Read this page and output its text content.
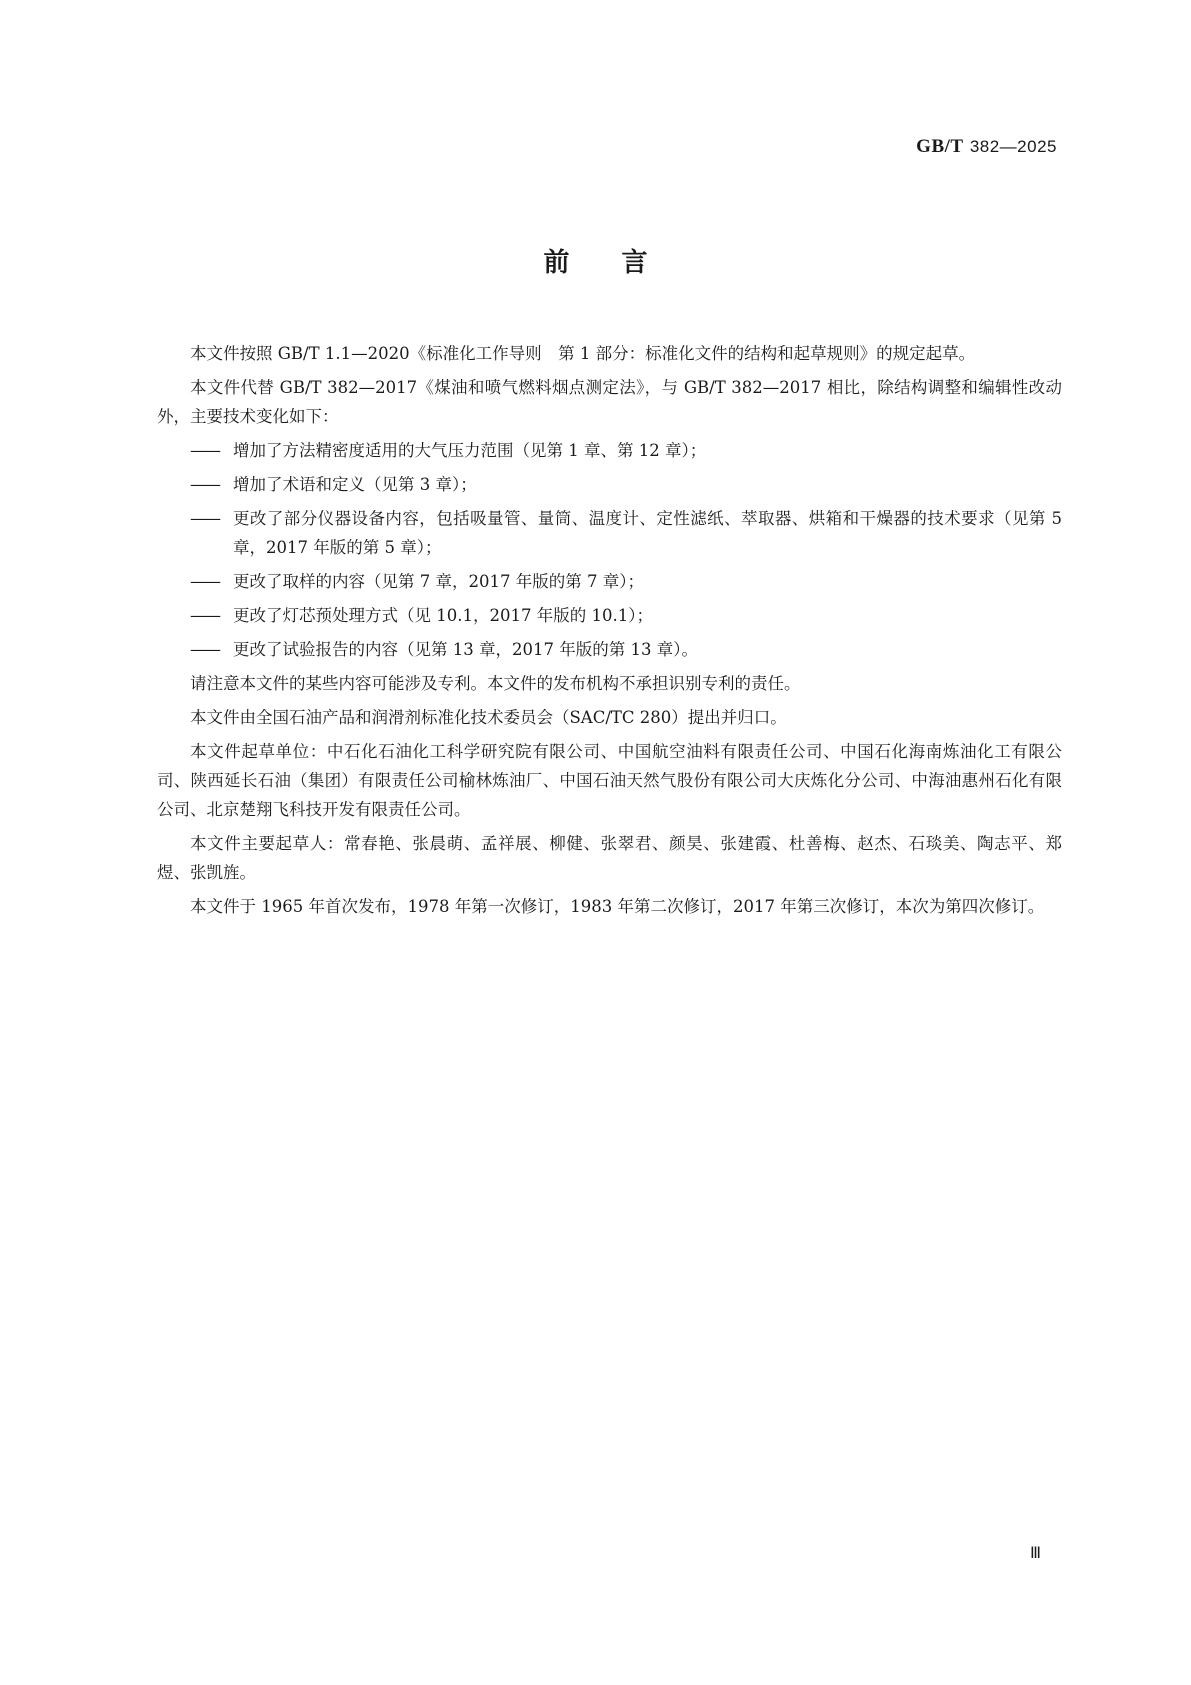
GB/T 382—2025
前言

本文件按照 GB/T 1.1—2020《标准化工作导则　第 1 部分：标准化文件的结构和起草规则》的规定起草。

本文件代替 GB/T 382—2017《煤油和喷气燃料烟点测定法》，与 GB/T 382—2017 相比，除结构调整和编辑性改动外，主要技术变化如下：

—— 增加了方法精密度适用的大气压力范围（见第 1 章、第 12 章）；
—— 增加了术语和定义（见第 3 章）；
—— 更改了部分仪器设备内容，包括吸量管、量筒、温度计、定性滤纸、萃取器、烘箱和干燥器的技术要求（见第 5 章，2017 年版的第 5 章）；
—— 更改了取样的内容（见第 7 章，2017 年版的第 7 章）；
—— 更改了灯芯预处理方式（见 10.1，2017 年版的 10.1）；
—— 更改了试验报告的内容（见第 13 章，2017 年版的第 13 章）。

请注意本文件的某些内容可能涉及专利。本文件的发布机构不承担识别专利的责任。

本文件由全国石油产品和润滑剂标准化技术委员会（SAC/TC 280）提出并归口。

本文件起草单位：中石化石油化工科学研究院有限公司、中国航空油料有限责任公司、中国石化海南炼油化工有限公司、陕西延长石油（集团）有限责任公司榆林炼油厂、中国石油天然气股份有限公司大庆炼化分公司、中海油惠州石化有限公司、北京楚翔飞科技开发有限责任公司。

本文件主要起草人：常春艳、张晨萌、孟祥展、柳健、张翠君、颜昊、张建霞、杜善梅、赵杰、石琰美、陶志平、郑煜、张凯旌。

本文件于 1965 年首次发布，1978 年第一次修订，1983 年第二次修订，2017 年第三次修订，本次为第四次修订。

Ⅲ
